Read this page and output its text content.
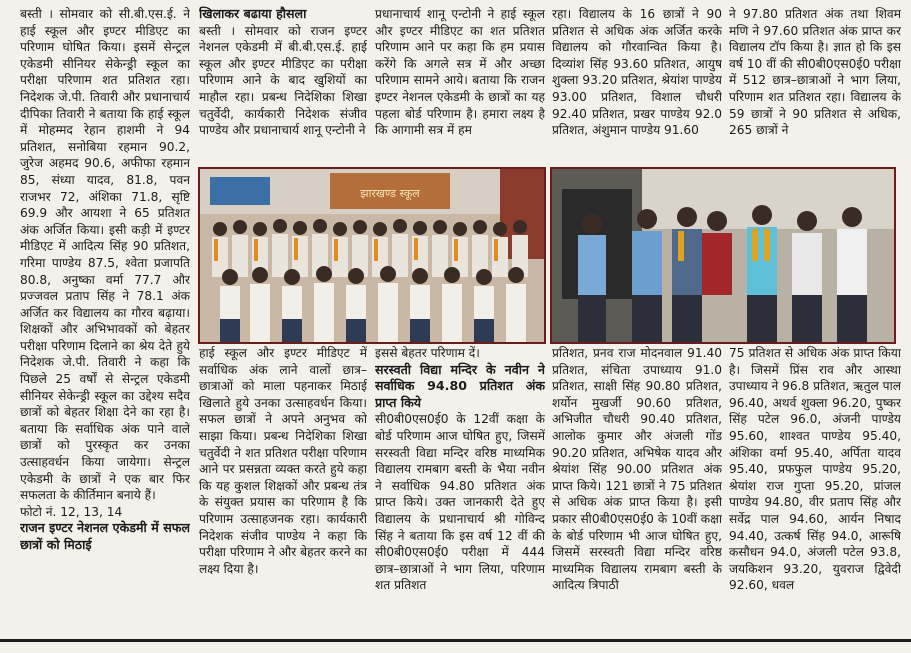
बस्ती । सोमवार को सी.बी.एस.ई. ने हाई स्कूल और इण्टर मीडिएट का परिणाम घोषित किया। इसमें सेन्ट्रल एकेडमी सीनियर सेकेन्ड्री स्कूल का परीक्षा परिणाम शत प्रतिशत रहा। निदेशक जे.पी. तिवारी और प्रधानाचार्य दीपिका तिवारी ने बताया कि हाई स्कूल में मोहम्मद रेहान हाशमी ने 94 प्रतिशत, सनोबिया रहमान 90.2, जुरेज अहमद 90.6, अफीफा रहमान 85, संध्या यादव, 81.8, पवन राजभर 72, अंशिका 71.8, सृष्टि 69.9 और आयशा ने 65 प्रतिशत अंक अर्जित किया। इसी कड़ी में इण्टर मीडिएट में आदित्य सिंह 90 प्रतिशत, गरिमा पाण्डेय 87.5, श्वेता प्रजापति 80.8, अनुष्का वर्मा 77.7 और प्रज्जवल प्रताप सिंह ने 78.1 अंक अर्जित कर विद्यालय का गौरव बढ़ाया। शिक्षकों और अभिभावकों को बेहतर परीक्षा परिणाम दिलाने का श्रेय देते हुये निदेशक जे.पी. तिवारी ने कहा कि पिछले 25 वर्षों से सेन्ट्रल एकेडमी सीनियर सेकेन्ड्री स्कूल का उद्देश्य सदैव छात्रों को बेहतर शिक्षा देने का रहा है। बताया कि सर्वाधिक अंक पाने वाले छात्रों को पुरस्कृत कर उनका उत्साहवर्धन किया जायेगा। सेन्ट्रल एकेडमी के छात्रों ने एक बार फिर सफलता के कीर्तिमान बनाये हैं।

फोटो नं. 12, 13, 14

राजन इण्टर नेशनल एकेडमी में सफल छात्रों को मिठाई

खिलाकर बढाया हौसला

बस्ती । सोमवार को राजन इण्टर नेशनल एकेडमी में बी.बी.एस.ई. हाई स्कूल और इण्टर मीडिएट का परीक्षा परिणाम आने के बाद खुशियों का माहौल रहा। प्रबन्ध निदेशिका शिखा चतुर्वेदी, कार्यकारी निदेशक संजीव पाण्डेय और प्रधानाचार्य शानू एन्टोनी ने

प्रधानाचार्य शानू एन्टोनी ने हाई स्कूल और इण्टर मीडिएट का शत प्रतिशत परिणाम आने पर कहा कि हम प्रयास करेंगे कि अगले सत्र में और अच्छा परिणाम सामने आये। बताया कि राजन इण्टर नेशनल एकेडमी के छात्रों का यह पहला बोर्ड परिणाम है। हमारा लक्ष्य है कि आगामी सत्र में हम

रहा। विद्यालय के 16 छात्रों ने 90 प्रतिशत से अधिक अंक अर्जित करके विद्यालय को गौरवान्वित किया है। दिव्यांश सिंह 93.60 प्रतिशत, आयुष शुक्ला 93.20 प्रतिशत, श्रेयांश पाण्डेय 93.00 प्रतिशत, विशाल चौधरी 92.40 प्रतिशत, प्रखर पाण्डेय 92.0 प्रतिशत, अंशुमान पाण्डेय 91.60

ने 97.80 प्रतिशत अंक तथा शिवम मणि ने 97.60 प्रतिशत अंक प्राप्त कर विद्यालय टॉप किया है। ज्ञात हो कि इस वर्ष 10 वीं की सी0बी0एस0ई0 परीक्षा में 512 छात्र–छात्राओं ने भाग लिया, परिणाम शत प्रतिशत रहा। विद्यालय के 59 छात्रों ने 90 प्रतिशत से अधिक, 265 छात्रों ने

झारखण्ड स्कूल

हाई स्कूल और इण्टर मीडिएट में सर्वाधिक अंक लाने वालों छात्र–छात्राओं को माला पहनाकर मिठाई खिलाते हुये उनका उत्साहवर्धन किया। सफल छात्रों ने अपने अनुभव को साझा किया। प्रबन्ध निदेशिका शिखा चतुर्वेदी ने शत प्रतिशत परीक्षा परिणाम आने पर प्रसन्नता व्यक्त करते हुये कहा कि यह कुशल शिक्षकों और प्रबन्ध तंत्र के संयुक्त प्रयास का परिणाम है कि परिणाम उत्साहजनक रहा। कार्यकारी निदेशक संजीव पाण्डेय ने कहा कि परीक्षा परिणाम ने और बेहतर करने का लक्ष्य दिया है।

इससे बेहतर परिणाम दें।

सरस्वती विद्या मन्दिर के नवीन ने सर्वाधिक 94.80 प्रतिशत अंक प्राप्त किये

सी0बी0एस0ई0 के 12वीं कक्षा के बोर्ड परिणाम आज घोषित हुए, जिसमें सरस्वती विद्या मन्दिर वरिष्ठ माध्यमिक विद्यालय रामबाग बस्ती के भैया नवीन ने सर्वाधिक 94.80 प्रतिशत अंक प्राप्त किये। उक्त जानकारी देते हुए विद्यालय के प्रधानाचार्य श्री गोविन्द सिंह ने बताया कि इस वर्ष 12 वीं की सी0बी0एस0ई0 परीक्षा में 444 छात्र–छात्राओं ने भाग लिया, परिणाम शत प्रतिशत

प्रतिशत, प्रनव राज मोदनवाल 91.40 प्रतिशत, संचिता उपाध्याय 91.0 प्रतिशत, साक्षी सिंह 90.80 प्रतिशत, शर्योन मुखर्जी 90.60 प्रतिशत, अभिजीत चौधरी 90.40 प्रतिशत, आलोक कुमार और अंजली गोंड 90.20 प्रतिशत, अभिषेक यादव और श्रेयांश सिंह 90.00 प्रतिशत अंक प्राप्त किये। 121 छात्रों ने 75 प्रतिशत से अधिक अंक प्राप्त किया है। इसी प्रकार सी0बी0एस0ई0 के 10वीं कक्षा के बोर्ड परिणाम भी आज घोषित हुए, जिसमें सरस्वती विद्या मन्दिर वरिष्ठ माध्यमिक विद्यालय रामबाग बस्ती के आदित्य त्रिपाठी

75 प्रतिशत से अधिक अंक प्राप्त किया है। जिसमें प्रिंस राव और आस्था उपाध्याय ने 96.8 प्रतिशत, ऋतुल पाल 96.40, अथर्व शुक्ला 96.20, पुष्कर सिंह पटेल 96.0, अंजनी पाण्डेय 95.60, शाश्वत पाण्डेय 95.40, अंशिका वर्मा 95.40, अर्पिता यादव 95.40, प्रफफुल पाण्डेय 95.20, श्रेयांश राज गुप्ता 95.20, प्रांजल पाण्डेय 94.80, वीर प्रताप सिंह और सर्वेद्र पाल 94.60, आर्यन निषाद 94.40, उत्कर्ष सिंह 94.0, आरूषि कसौधन 94.0, अंजली पटेल 93.8, जयकिशन 93.20, युवराज द्विवेदी 92.60, धवल
